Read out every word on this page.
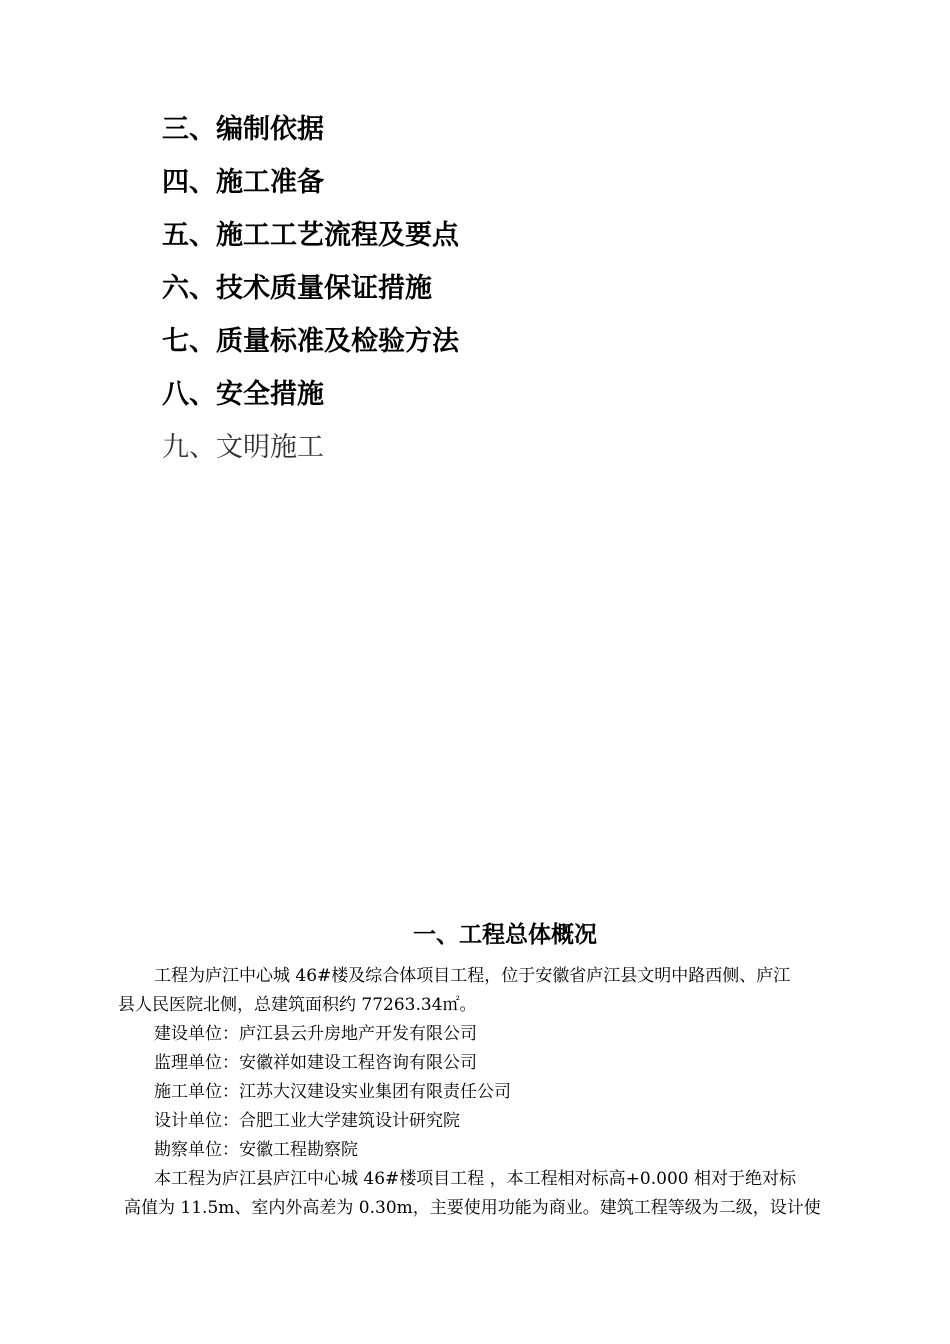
三、编制依据
四、施工准备
五、施工工艺流程及要点
六、技术质量保证措施
七、质量标准及检验方法
八、安全措施
九、文明施工
一、工程总体概况
工程为庐江中心城 46#楼及综合体项目工程，位于安徽省庐江县文明中路西侧、庐江
县人民医院北侧，总建筑面积约 77263.34㎡。
建设单位：庐江县云升房地产开发有限公司
监理单位：安徽祥如建设工程咨询有限公司
施工单位：江苏大汉建设实业集团有限责任公司
设计单位：合肥工业大学建筑设计研究院
勘察单位：安徽工程勘察院
本工程为庐江县庐江中心城 46#楼项目工程 ，本工程相对标高+0.000 相对于绝对标
高值为 11.5m、室内外高差为 0.30m，主要使用功能为商业。建筑工程等级为二级，设计使
